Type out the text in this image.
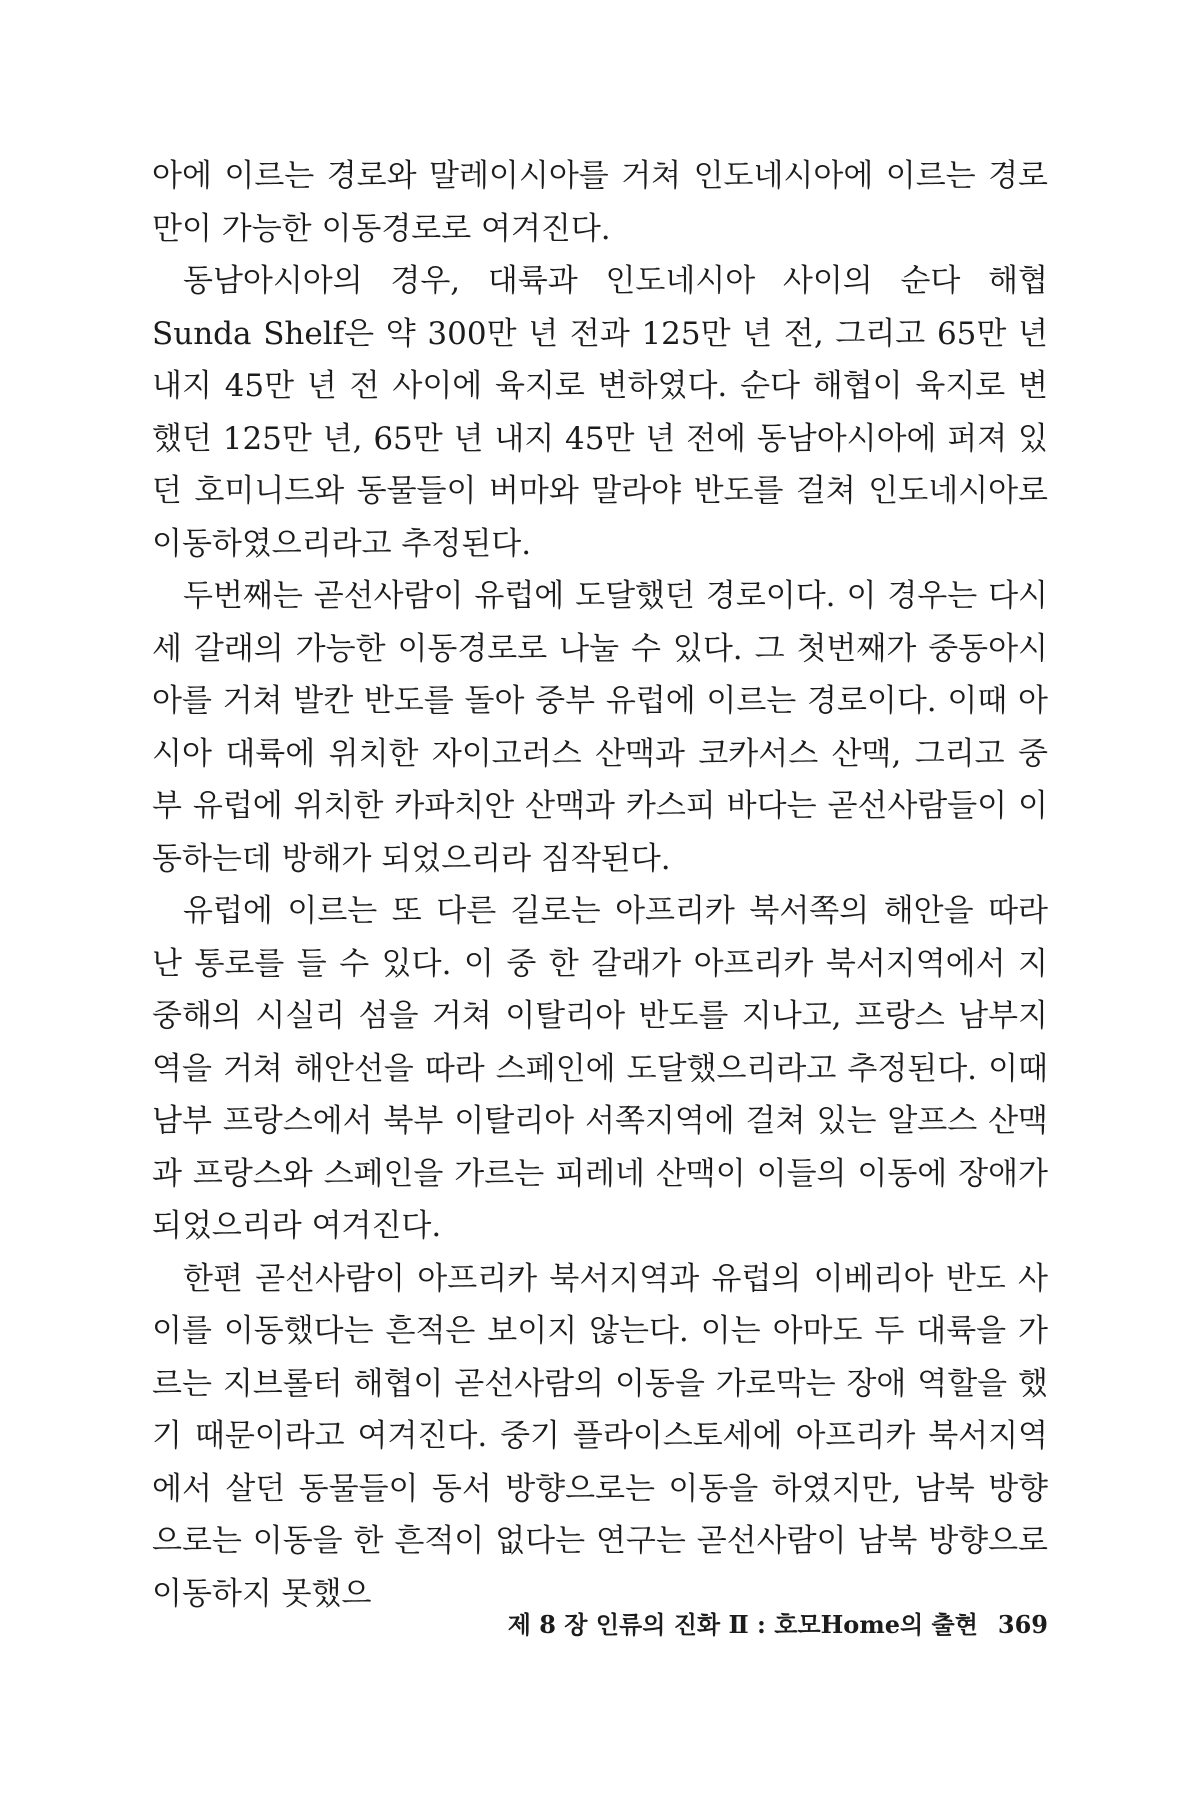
아에 이르는 경로와 말레이시아를 거쳐 인도네시아에 이르는 경로만이 가능한 이동경로로 여겨진다.

동남아시아의 경우, 대륙과 인도네시아 사이의 순다 해협 Sunda Shelf은 약 300만 년 전과 125만 년 전, 그리고 65만 년 내지 45만 년 전 사이에 육지로 변하였다. 순다 해협이 육지로 변했던 125만 년, 65만 년 내지 45만 년 전에 동남아시아에 퍼져 있던 호미니드와 동물들이 버마와 말라야 반도를 걸쳐 인도네시아로 이동하였으리라고 추정된다.

두번째는 곧선사람이 유럽에 도달했던 경로이다. 이 경우는 다시 세 갈래의 가능한 이동경로로 나눌 수 있다. 그 첫번째가 중동아시아를 거쳐 발칸 반도를 돌아 중부 유럽에 이르는 경로이다. 이때 아시아 대륙에 위치한 자이고러스 산맥과 코카서스 산맥, 그리고 중부 유럽에 위치한 카파치안 산맥과 카스피 바다는 곧선사람들이 이동하는데 방해가 되었으리라 짐작된다.

유럽에 이르는 또 다른 길로는 아프리카 북서쪽의 해안을 따라 난 통로를 들 수 있다. 이 중 한 갈래가 아프리카 북서지역에서 지중해의 시실리 섬을 거쳐 이탈리아 반도를 지나고, 프랑스 남부지역을 거쳐 해안선을 따라 스페인에 도달했으리라고 추정된다. 이때 남부 프랑스에서 북부 이탈리아 서쪽지역에 걸쳐 있는 알프스 산맥과 프랑스와 스페인을 가르는 피레네 산맥이 이들의 이동에 장애가 되었으리라 여겨진다.

한편 곧선사람이 아프리카 북서지역과 유럽의 이베리아 반도 사이를 이동했다는 흔적은 보이지 않는다. 이는 아마도 두 대륙을 가르는 지브롤터 해협이 곧선사람의 이동을 가로막는 장애 역할을 했기 때문이라고 여겨진다. 중기 플라이스토세에 아프리카 북서지역에서 살던 동물들이 동서 방향으로는 이동을 하였지만, 남북 방향으로는 이동을 한 흔적이 없다는 연구는 곧선사람이 남북 방향으로 이동하지 못했으

제 8 장 인류의 진화 Ⅱ : 호모Home의 출현 369
